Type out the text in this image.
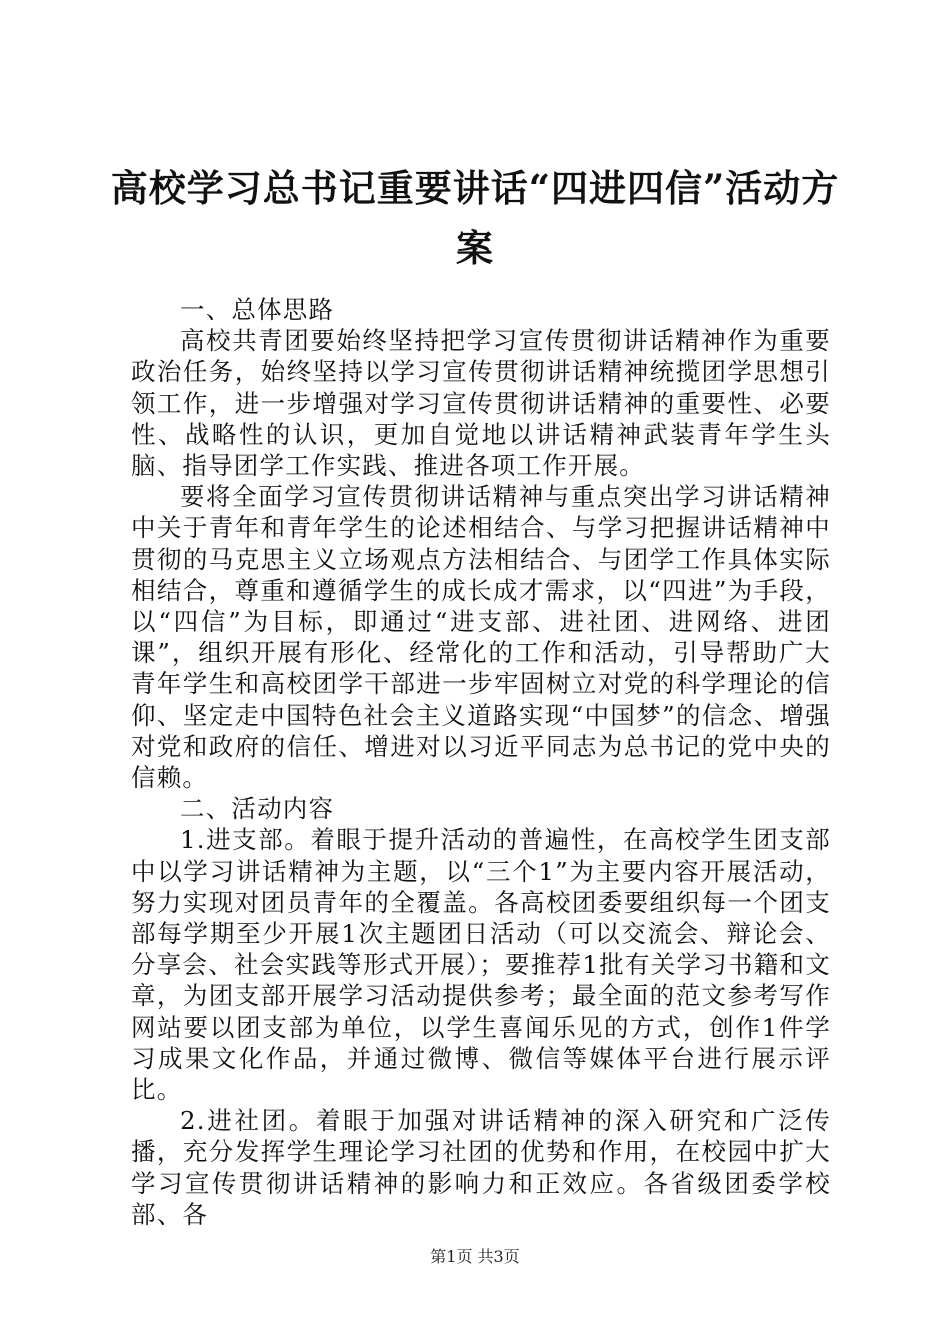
高校学习总书记重要讲话“四进四信”活动方案

一、总体思路

高校共青团要始终坚持把学习宣传贯彻讲话精神作为重要政治任务，始终坚持以学习宣传贯彻讲话精神统揽团学思想引领工作，进一步增强对学习宣传贯彻讲话精神的重要性、必要性、战略性的认识，更加自觉地以讲话精神武装青年学生头脑、指导团学工作实践、推进各项工作开展。

要将全面学习宣传贯彻讲话精神与重点突出学习讲话精神中关于青年和青年学生的论述相结合、与学习把握讲话精神中贯彻的马克思主义立场观点方法相结合、与团学工作具体实际相结合，尊重和遵循学生的成长成才需求，以“四进”为手段，以“四信”为目标，即通过“进支部、进社团、进网络、进团课”，组织开展有形化、经常化的工作和活动，引导帮助广大青年学生和高校团学干部进一步牢固树立对党的科学理论的信仰、坚定走中国特色社会主义道路实现“中国梦”的信念、增强对党和政府的信任、增进对以习近平同志为总书记的党中央的信赖。

二、活动内容

1.进支部。着眼于提升活动的普遍性，在高校学生团支部中以学习讲话精神为主题，以“三个1”为主要内容开展活动，努力实现对团员青年的全覆盖。各高校团委要组织每一个团支部每学期至少开展1次主题团日活动（可以交流会、辩论会、分享会、社会实践等形式开展）；要推荐1批有关学习书籍和文章，为团支部开展学习活动提供参考；最全面的范文参考写作网站要以团支部为单位，以学生喜闻乐见的方式，创作1件学习成果文化作品，并通过微博、微信等媒体平台进行展示评比。

2.进社团。着眼于加强对讲话精神的深入研究和广泛传播，充分发挥学生理论学习社团的优势和作用，在校园中扩大学习宣传贯彻讲话精神的影响力和正效应。各省级团委学校部、各

第1页 共3页
